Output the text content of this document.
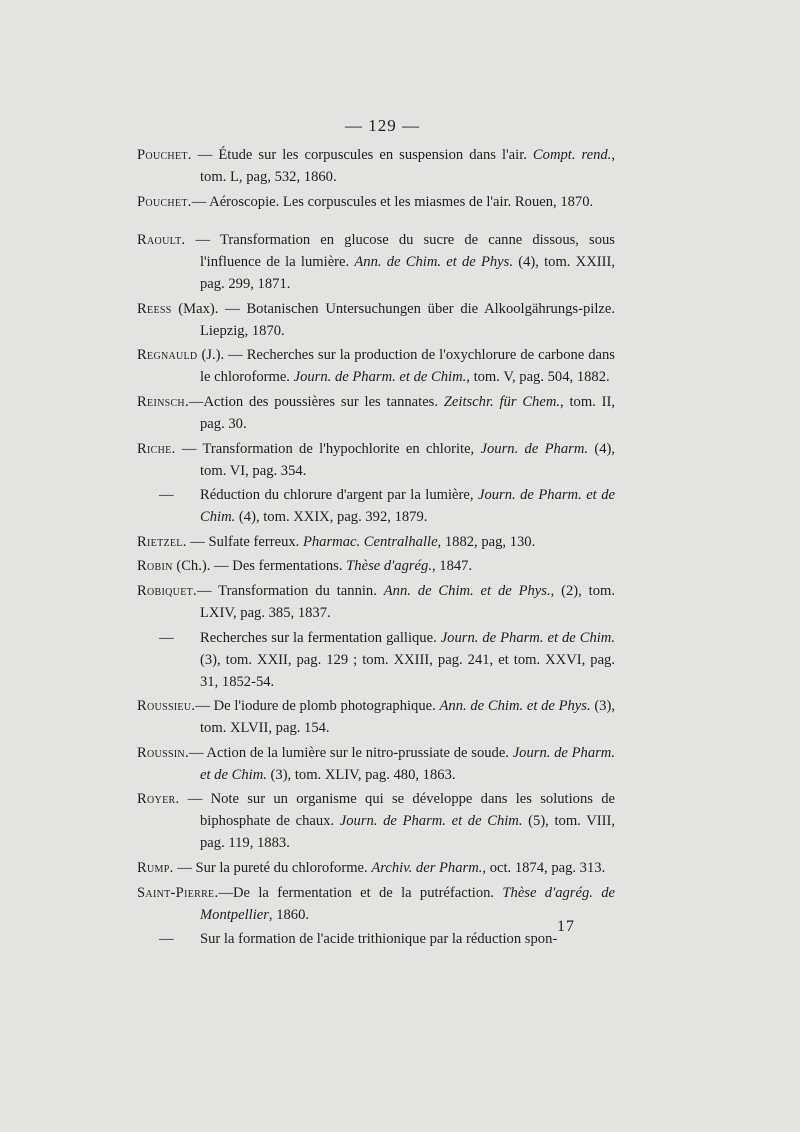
— 129 —
Pouchet. — Étude sur les corpuscules en suspension dans l'air. Compt. rend., tom. L, pag, 532, 1860.
Pouchet.— Aéroscopie. Les corpuscules et les miasmes de l'air. Rouen, 1870.
Raoult. — Transformation en glucose du sucre de canne dissous, sous l'influence de la lumière. Ann. de Chim. et de Phys. (4), tom. XXIII, pag. 299, 1871.
Reess (Max). — Botanischen Untersuchungen über die Alkoolgährungs-pilze. Liepzig, 1870.
Regnauld (J.). — Recherches sur la production de l'oxychlorure de carbone dans le chloroforme. Journ. de Pharm. et de Chim., tom. V, pag. 504, 1882.
Reinsch.—Action des poussières sur les tannates. Zeitschr. für Chem., tom. II, pag. 30.
Riche. — Transformation de l'hypochlorite en chlorite, Journ. de Pharm. (4), tom. VI, pag. 354.
— Réduction du chlorure d'argent par la lumière, Journ. de Pharm. et de Chim. (4), tom. XXIX, pag. 392, 1879.
Rietzel. — Sulfate ferreux. Pharmac. Centralhalle, 1882, pag, 130.
Robin (Ch.). — Des fermentations. Thèse d'agrég., 1847.
Robiquet.— Transformation du tannin. Ann. de Chim. et de Phys., (2), tom. LXIV, pag. 385, 1837.
— Recherches sur la fermentation gallique. Journ. de Pharm. et de Chim. (3), tom. XXII, pag. 129 ; tom. XXIII, pag. 241, et tom. XXVI, pag. 31, 1852-54.
Roussieu.— De l'iodure de plomb photographique. Ann. de Chim. et de Phys. (3), tom. XLVII, pag. 154.
Roussin.— Action de la lumière sur le nitro-prussiate de soude. Journ. de Pharm. et de Chim. (3), tom. XLIV, pag. 480, 1863.
Royer. — Note sur un organisme qui se développe dans les solutions de biphosphate de chaux. Journ. de Pharm. et de Chim. (5), tom. VIII, pag. 119, 1883.
Rump. — Sur la pureté du chloroforme. Archiv. der Pharm., oct. 1874, pag. 313.
Saint-Pierre.—De la fermentation et de la putréfaction. Thèse d'agrég. de Montpellier, 1860.
— Sur la formation de l'acide trithionique par la réduction spon-
17
